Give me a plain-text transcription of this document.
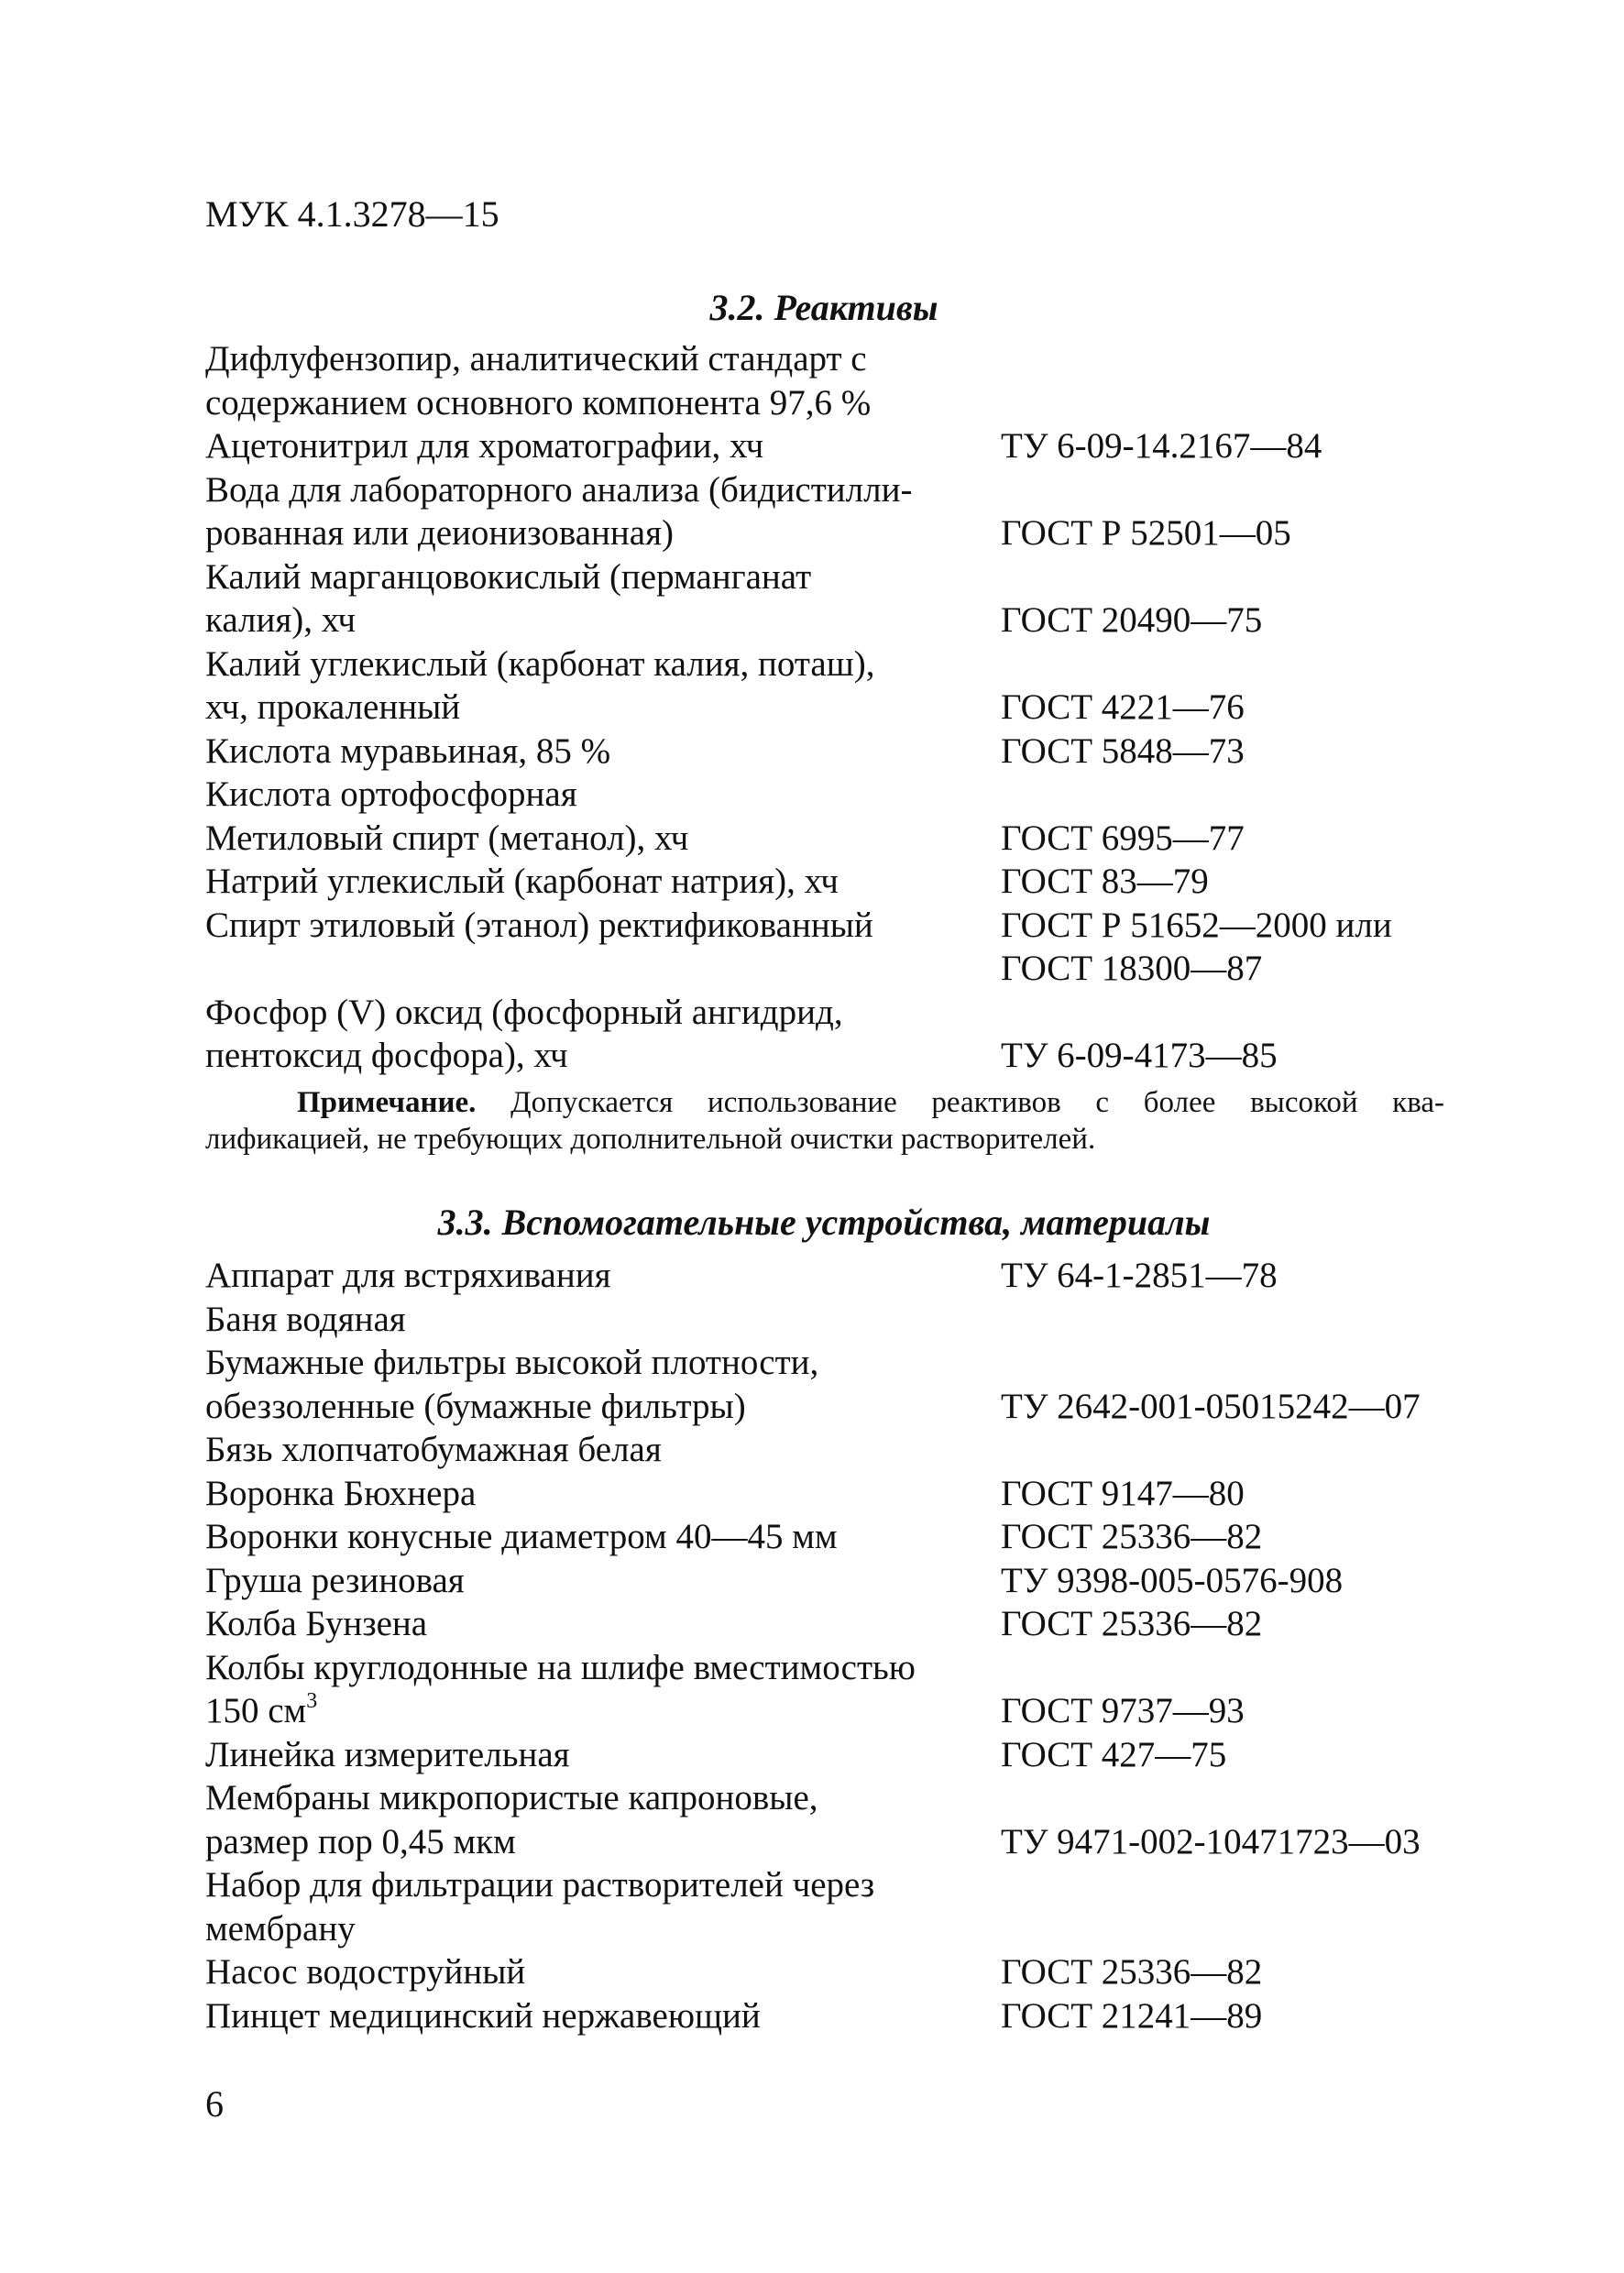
МУК 4.1.3278—15
3.2. Реактивы
Дифлуфензопир, аналитический стандарт с
содержанием основного компонента 97,6 %
Ацетонитрил для хроматографии, хч	ТУ 6-09-14.2167—84
Вода для лабораторного анализа (бидистилли-
рованная или деионизованная)	ГОСТ Р 52501—05
Калий марганцовокислый (перманганат
калия), хч	ГОСТ 20490—75
Калий углекислый (карбонат калия, поташ),
хч, прокаленный	ГОСТ 4221—76
Кислота муравьиная, 85 %	ГОСТ 5848—73
Кислота ортофосфорная
Метиловый спирт (метанол), хч	ГОСТ 6995—77
Натрий углекислый (карбонат натрия), хч	ГОСТ 83—79
Спирт этиловый (этанол) ректификованный	ГОСТ Р 51652—2000 или
ГОСТ 18300—87
Фосфор (V) оксид (фосфорный ангидрид,
пентоксид фосфора), хч	ТУ 6-09-4173—85
Примечание. Допускается использование реактивов с более высокой ква-
лификацией, не требующих дополнительной очистки растворителей.
3.3. Вспомогательные устройства, материалы
Аппарат для встряхивания	ТУ 64-1-2851—78
Баня водяная
Бумажные фильтры высокой плотности,
обеззоленные (бумажные фильтры)	ТУ 2642-001-05015242—07
Бязь хлопчатобумажная белая
Воронка Бюхнера	ГОСТ 9147—80
Воронки конусные диаметром 40—45 мм	ГОСТ 25336—82
Груша резиновая	ТУ 9398-005-0576-908
Колба Бунзена	ГОСТ 25336—82
Колбы круглодонные на шлифе вместимостью
150 $см^3$	ГОСТ 9737—93
Линейка измерительная	ГОСТ 427—75
Мембраны микропористые капроновые,
размер пор 0,45 мкм	ТУ 9471-002-10471723—03
Набор для фильтрации растворителей через
мембрану
Насос водоструйный	ГОСТ 25336—82
Пинцет медицинский нержавеющий	ГОСТ 21241—89
6
